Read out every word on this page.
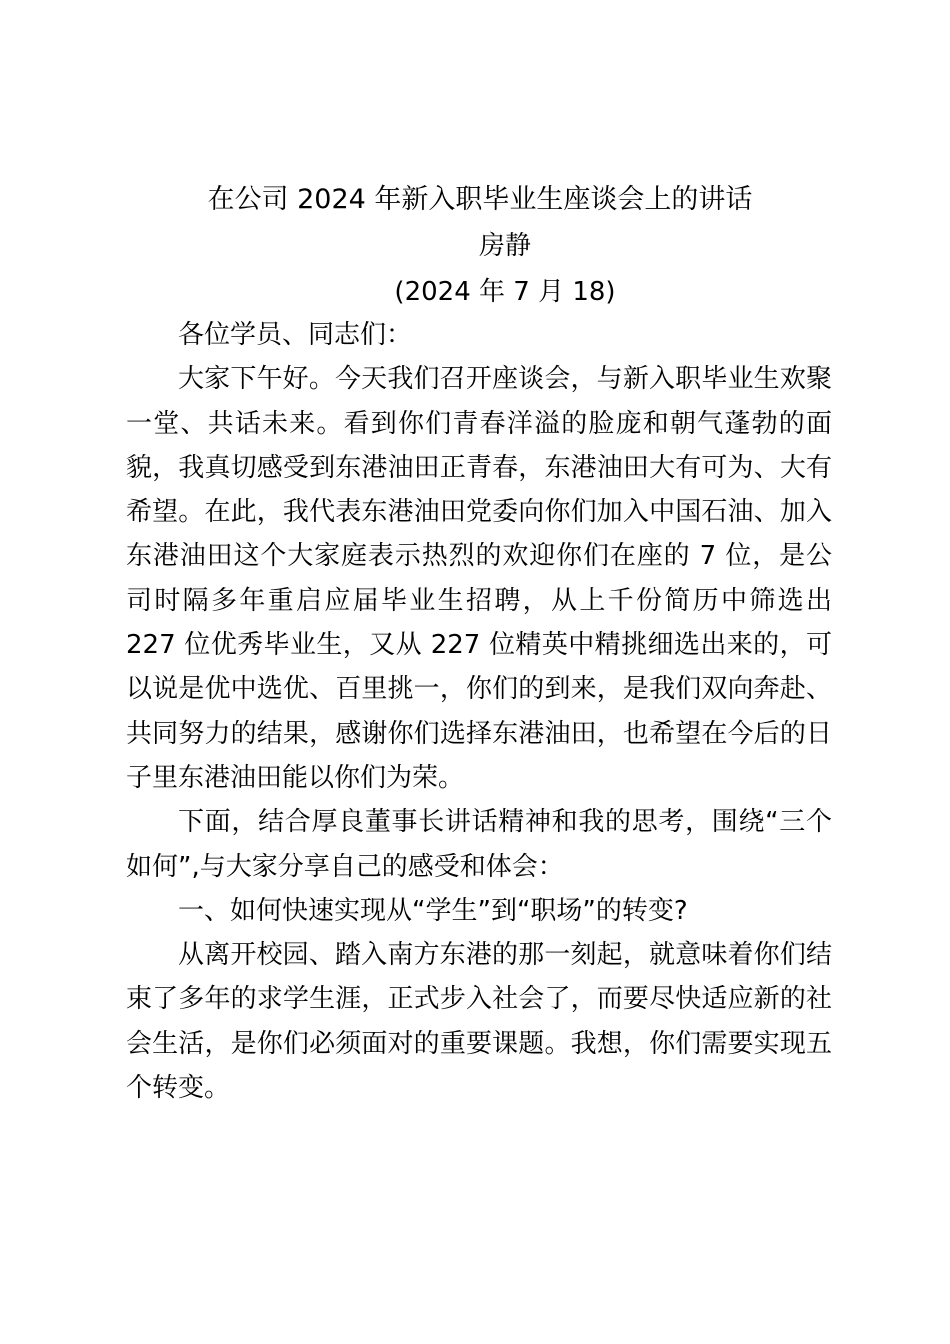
在公司 2024 年新入职毕业生座谈会上的讲话
房静
(2024 年 7 月 18)

各位学员、同志们：

大家下午好。今天我们召开座谈会，与新入职毕业生欢聚一堂、共话未来。看到你们青春洋溢的脸庞和朝气蓬勃的面貌，我真切感受到东港油田正青春，东港油田大有可为、大有希望。在此，我代表东港油田党委向你们加入中国石油、加入东港油田这个大家庭表示热烈的欢迎你们在座的 7 位，是公司时隔多年重启应届毕业生招聘，从上千份简历中筛选出 227 位优秀毕业生，又从 227 位精英中精挑细选出来的，可以说是优中选优、百里挑一，你们的到来，是我们双向奔赴、共同努力的结果，感谢你们选择东港油田，也希望在今后的日子里东港油田能以你们为荣。

下面，结合厚良董事长讲话精神和我的思考，围绕“三个如何”,与大家分享自己的感受和体会：

一、如何快速实现从“学生”到“职场”的转变?

从离开校园、踏入南方东港的那一刻起，就意味着你们结束了多年的求学生涯，正式步入社会了，而要尽快适应新的社会生活，是你们必须面对的重要课题。我想，你们需要实现五个转变。
